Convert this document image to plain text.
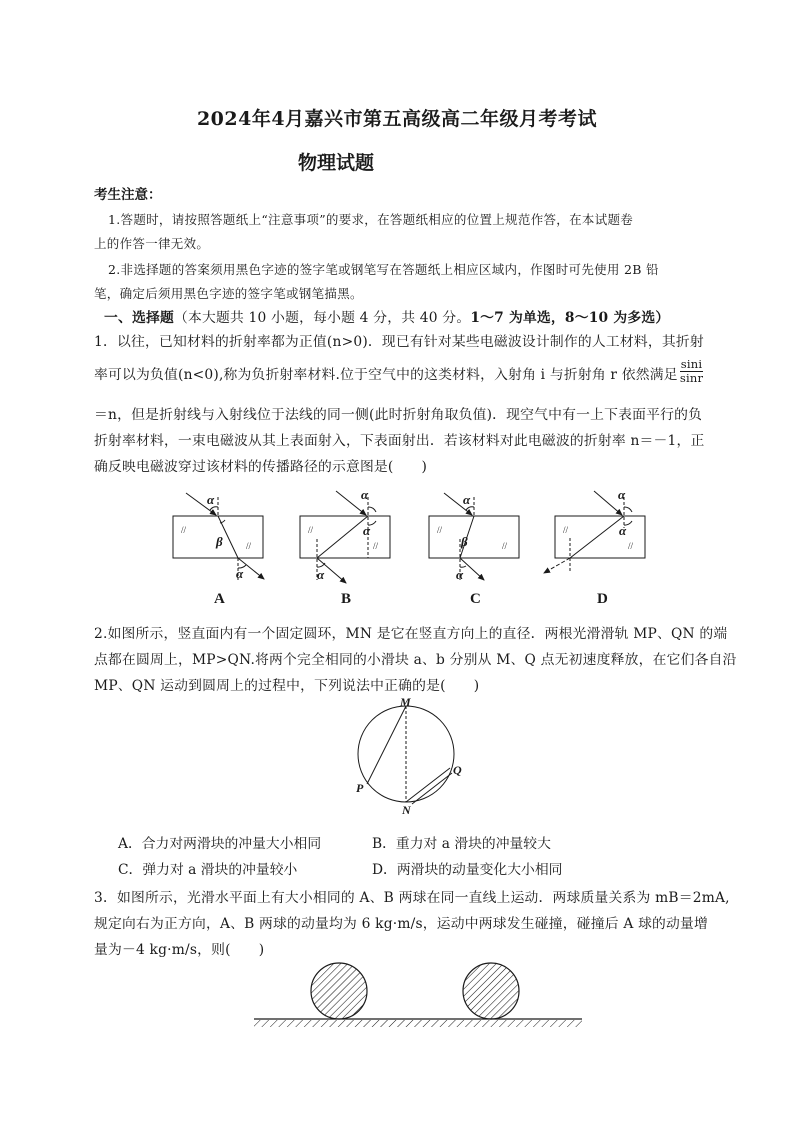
2024年4月嘉兴市第五高级高二年级月考考试
物理试题
考生注意：
1.答题时，请按照答题纸上“注意事项”的要求，在答题纸相应的位置上规范作答，在本试题卷
上的作答一律无效。
2.非选择题的答案须用黑色字迹的签字笔或钢笔写在答题纸上相应区域内，作图时可先使用 2B 铅
笔，确定后须用黑色字迹的签字笔或钢笔描黑。
一、选择题（本大题共 10 小题，每小题 4 分，共 40 分。1～7 为单选，8～10 为多选）
1．以往，已知材料的折射率都为正值(n>0)．现已有针对某些电磁波设计制作的人工材料，其折射
率可以为负值(n<0),称为负折射率材料.位于空气中的这类材料，入射角 i 与折射角 r 依然满足 $\frac{\sin i}{\sin r}$
＝n，但是折射线与入射线位于法线的同一侧(此时折射角取负值)．现空气中有一上下表面平行的负
折射率材料，一束电磁波从其上表面射入，下表面射出．若该材料对此电磁波的折射率 n＝－1，正
确反映电磁波穿过该材料的传播路径的示意图是(　　)
//
//
//
//
//
//
//
//
α
β
α
α
α
α
α
β
α
α
α
A	B	C	D
2.如图所示，竖直面内有一个固定圆环，MN 是它在竖直方向上的直径．两根光滑滑轨 MP、QN 的端
点都在圆周上，MP>QN.将两个完全相同的小滑块 a、b 分别从 M、Q 点无初速度释放，在它们各自沿
MP、QN 运动到圆周上的过程中，下列说法中正确的是(　　)
M
N
P
Q
A．合力对两滑块的冲量大小相同	B．重力对 a 滑块的冲量较大
C．弹力对 a 滑块的冲量较小	D．两滑块的动量变化大小相同
3．如图所示，光滑水平面上有大小相同的 A、B 两球在同一直线上运动．两球质量关系为 mB＝2mA,
规定向右为正方向，A、B 两球的动量均为 6 kg·m/s，运动中两球发生碰撞，碰撞后 A 球的动量增
量为－4 kg·m/s，则(　　)
